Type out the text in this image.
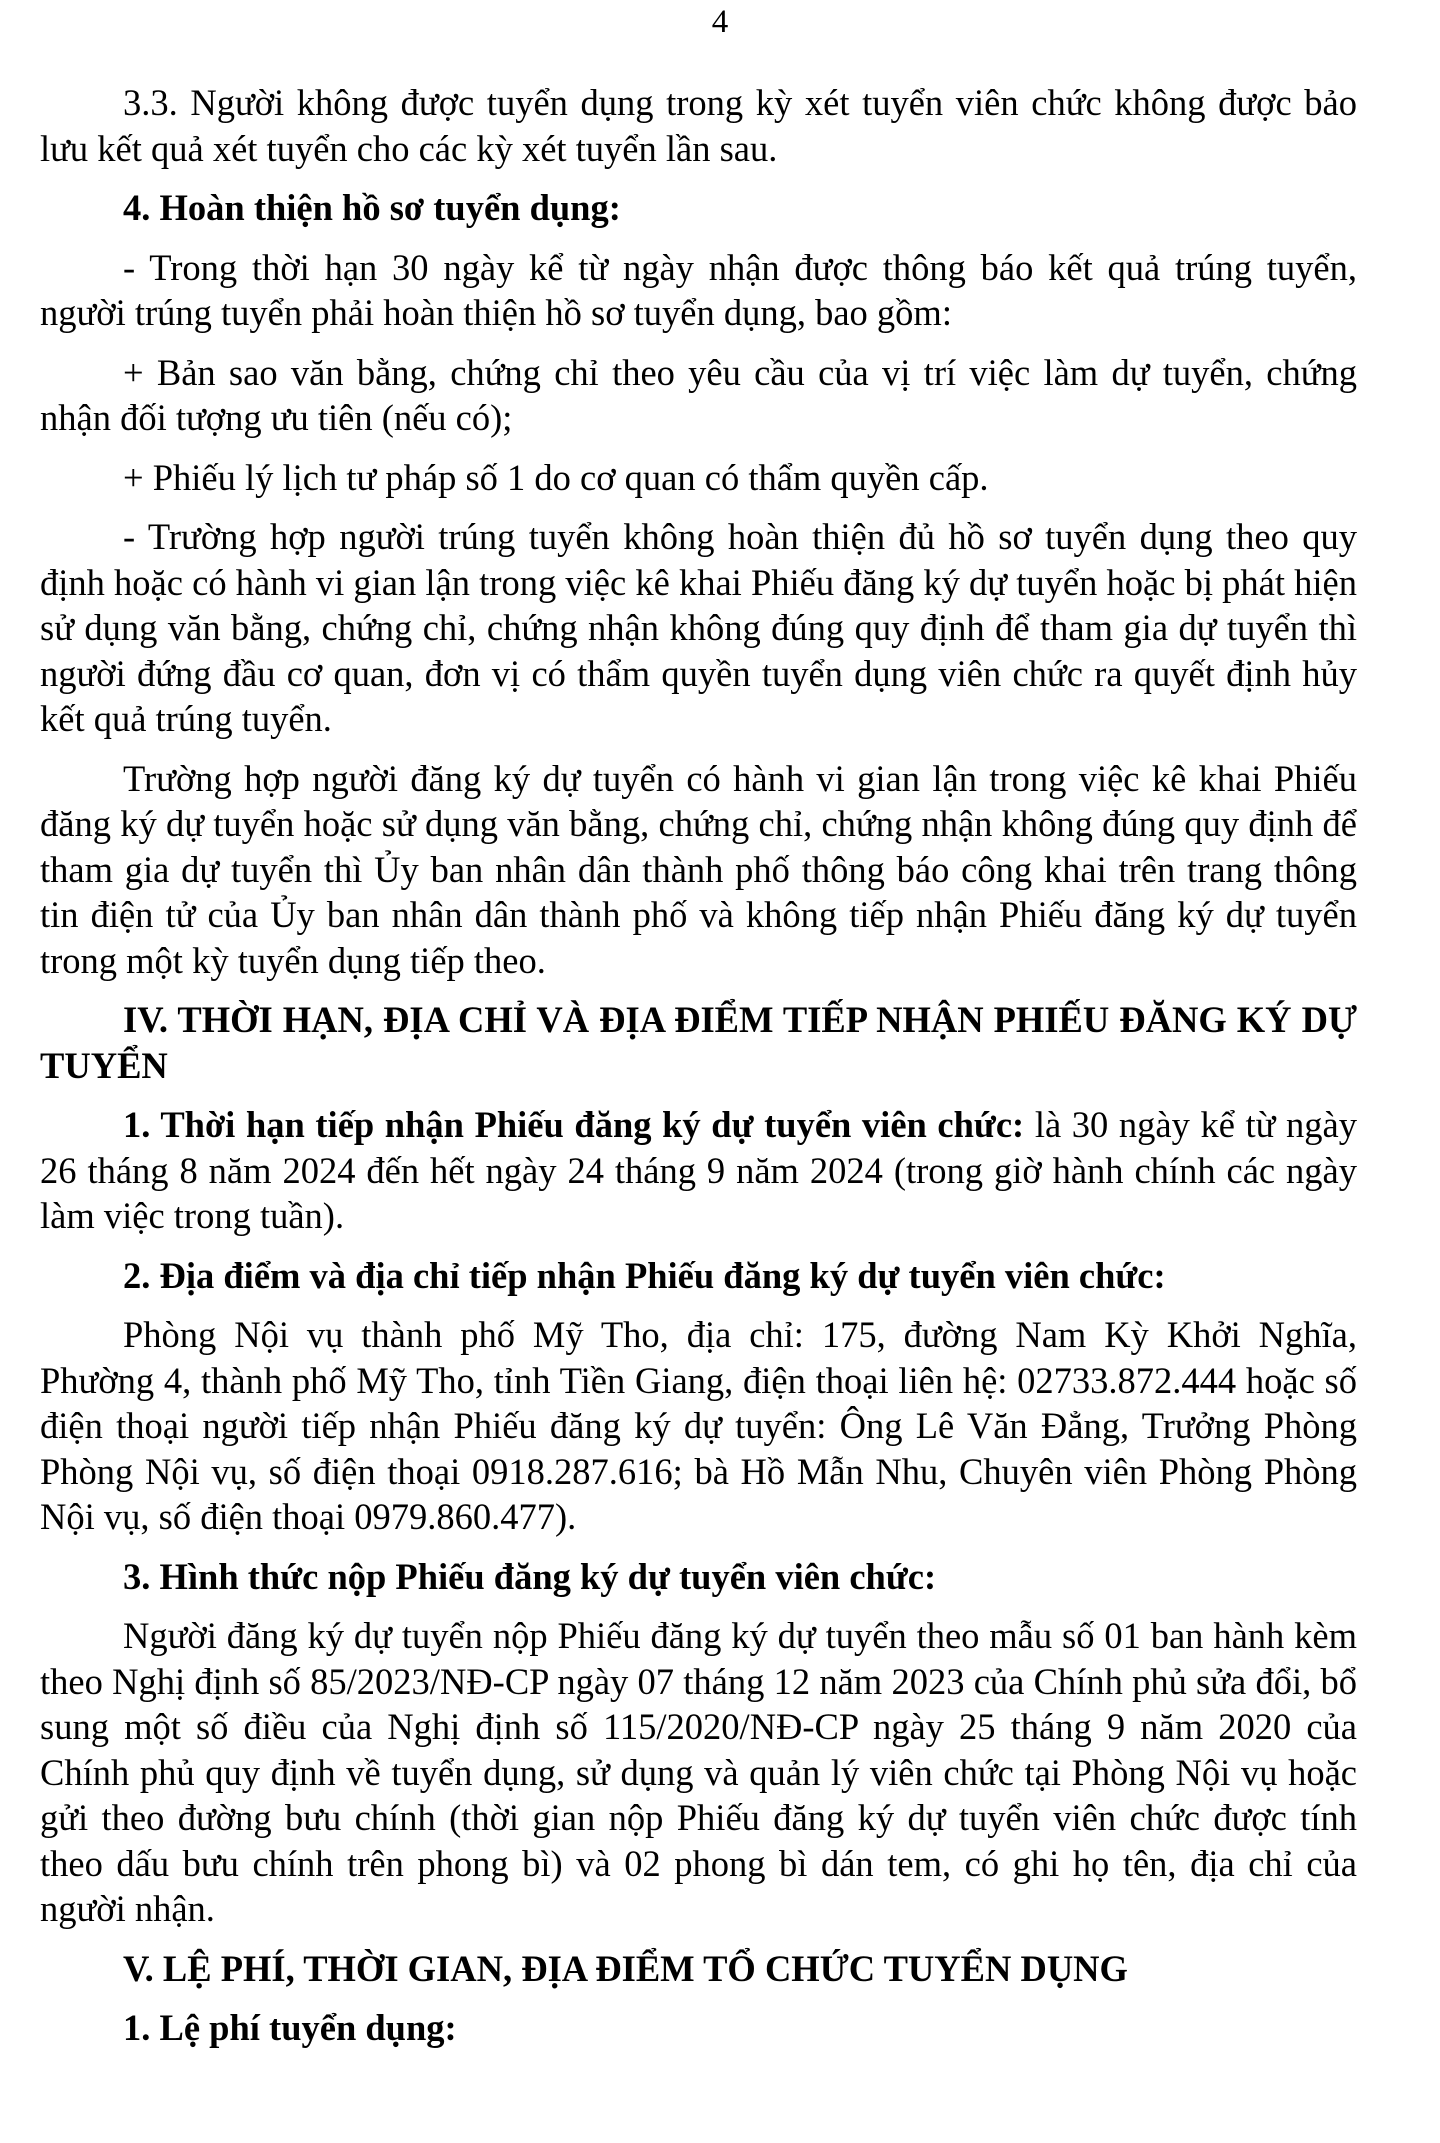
4

3.3. Người không được tuyển dụng trong kỳ xét tuyển viên chức không được bảo lưu kết quả xét tuyển cho các kỳ xét tuyển lần sau.

4. Hoàn thiện hồ sơ tuyển dụng:

- Trong thời hạn 30 ngày kể từ ngày nhận được thông báo kết quả trúng tuyển, người trúng tuyển phải hoàn thiện hồ sơ tuyển dụng, bao gồm:

+ Bản sao văn bằng, chứng chỉ theo yêu cầu của vị trí việc làm dự tuyển, chứng nhận đối tượng ưu tiên (nếu có);

+ Phiếu lý lịch tư pháp số 1 do cơ quan có thẩm quyền cấp.

- Trường hợp người trúng tuyển không hoàn thiện đủ hồ sơ tuyển dụng theo quy định hoặc có hành vi gian lận trong việc kê khai Phiếu đăng ký dự tuyển hoặc bị phát hiện sử dụng văn bằng, chứng chỉ, chứng nhận không đúng quy định để tham gia dự tuyển thì người đứng đầu cơ quan, đơn vị có thẩm quyền tuyển dụng viên chức ra quyết định hủy kết quả trúng tuyển.

Trường hợp người đăng ký dự tuyển có hành vi gian lận trong việc kê khai Phiếu đăng ký dự tuyển hoặc sử dụng văn bằng, chứng chỉ, chứng nhận không đúng quy định để tham gia dự tuyển thì Ủy ban nhân dân thành phố thông báo công khai trên trang thông tin điện tử của Ủy ban nhân dân thành phố và không tiếp nhận Phiếu đăng ký dự tuyển trong một kỳ tuyển dụng tiếp theo.

IV. THỜI HẠN, ĐỊA CHỈ VÀ ĐỊA ĐIỂM TIẾP NHẬN PHIẾU ĐĂNG KÝ DỰ TUYỂN

1. Thời hạn tiếp nhận Phiếu đăng ký dự tuyển viên chức: là 30 ngày kể từ ngày 26 tháng 8 năm 2024 đến hết ngày 24 tháng 9 năm 2024 (trong giờ hành chính các ngày làm việc trong tuần).

2. Địa điểm và địa chỉ tiếp nhận Phiếu đăng ký dự tuyển viên chức:

Phòng Nội vụ thành phố Mỹ Tho, địa chỉ: 175, đường Nam Kỳ Khởi Nghĩa, Phường 4, thành phố Mỹ Tho, tỉnh Tiền Giang, điện thoại liên hệ: 02733.872.444 hoặc số điện thoại người tiếp nhận Phiếu đăng ký dự tuyển: Ông Lê Văn Đẳng, Trưởng Phòng Phòng Nội vụ, số điện thoại 0918.287.616; bà Hồ Mẫn Nhu, Chuyên viên Phòng Phòng Nội vụ, số điện thoại 0979.860.477).

3. Hình thức nộp Phiếu đăng ký dự tuyển viên chức:

Người đăng ký dự tuyển nộp Phiếu đăng ký dự tuyển theo mẫu số 01 ban hành kèm theo Nghị định số 85/2023/NĐ-CP ngày 07 tháng 12 năm 2023 của Chính phủ sửa đổi, bổ sung một số điều của Nghị định số 115/2020/NĐ-CP ngày 25 tháng 9 năm 2020 của Chính phủ quy định về tuyển dụng, sử dụng và quản lý viên chức tại Phòng Nội vụ hoặc gửi theo đường bưu chính (thời gian nộp Phiếu đăng ký dự tuyển viên chức được tính theo dấu bưu chính trên phong bì) và 02 phong bì dán tem, có ghi họ tên, địa chỉ của người nhận.

V. LỆ PHÍ, THỜI GIAN, ĐỊA ĐIỂM TỔ CHỨC TUYỂN DỤNG

1. Lệ phí tuyển dụng:
